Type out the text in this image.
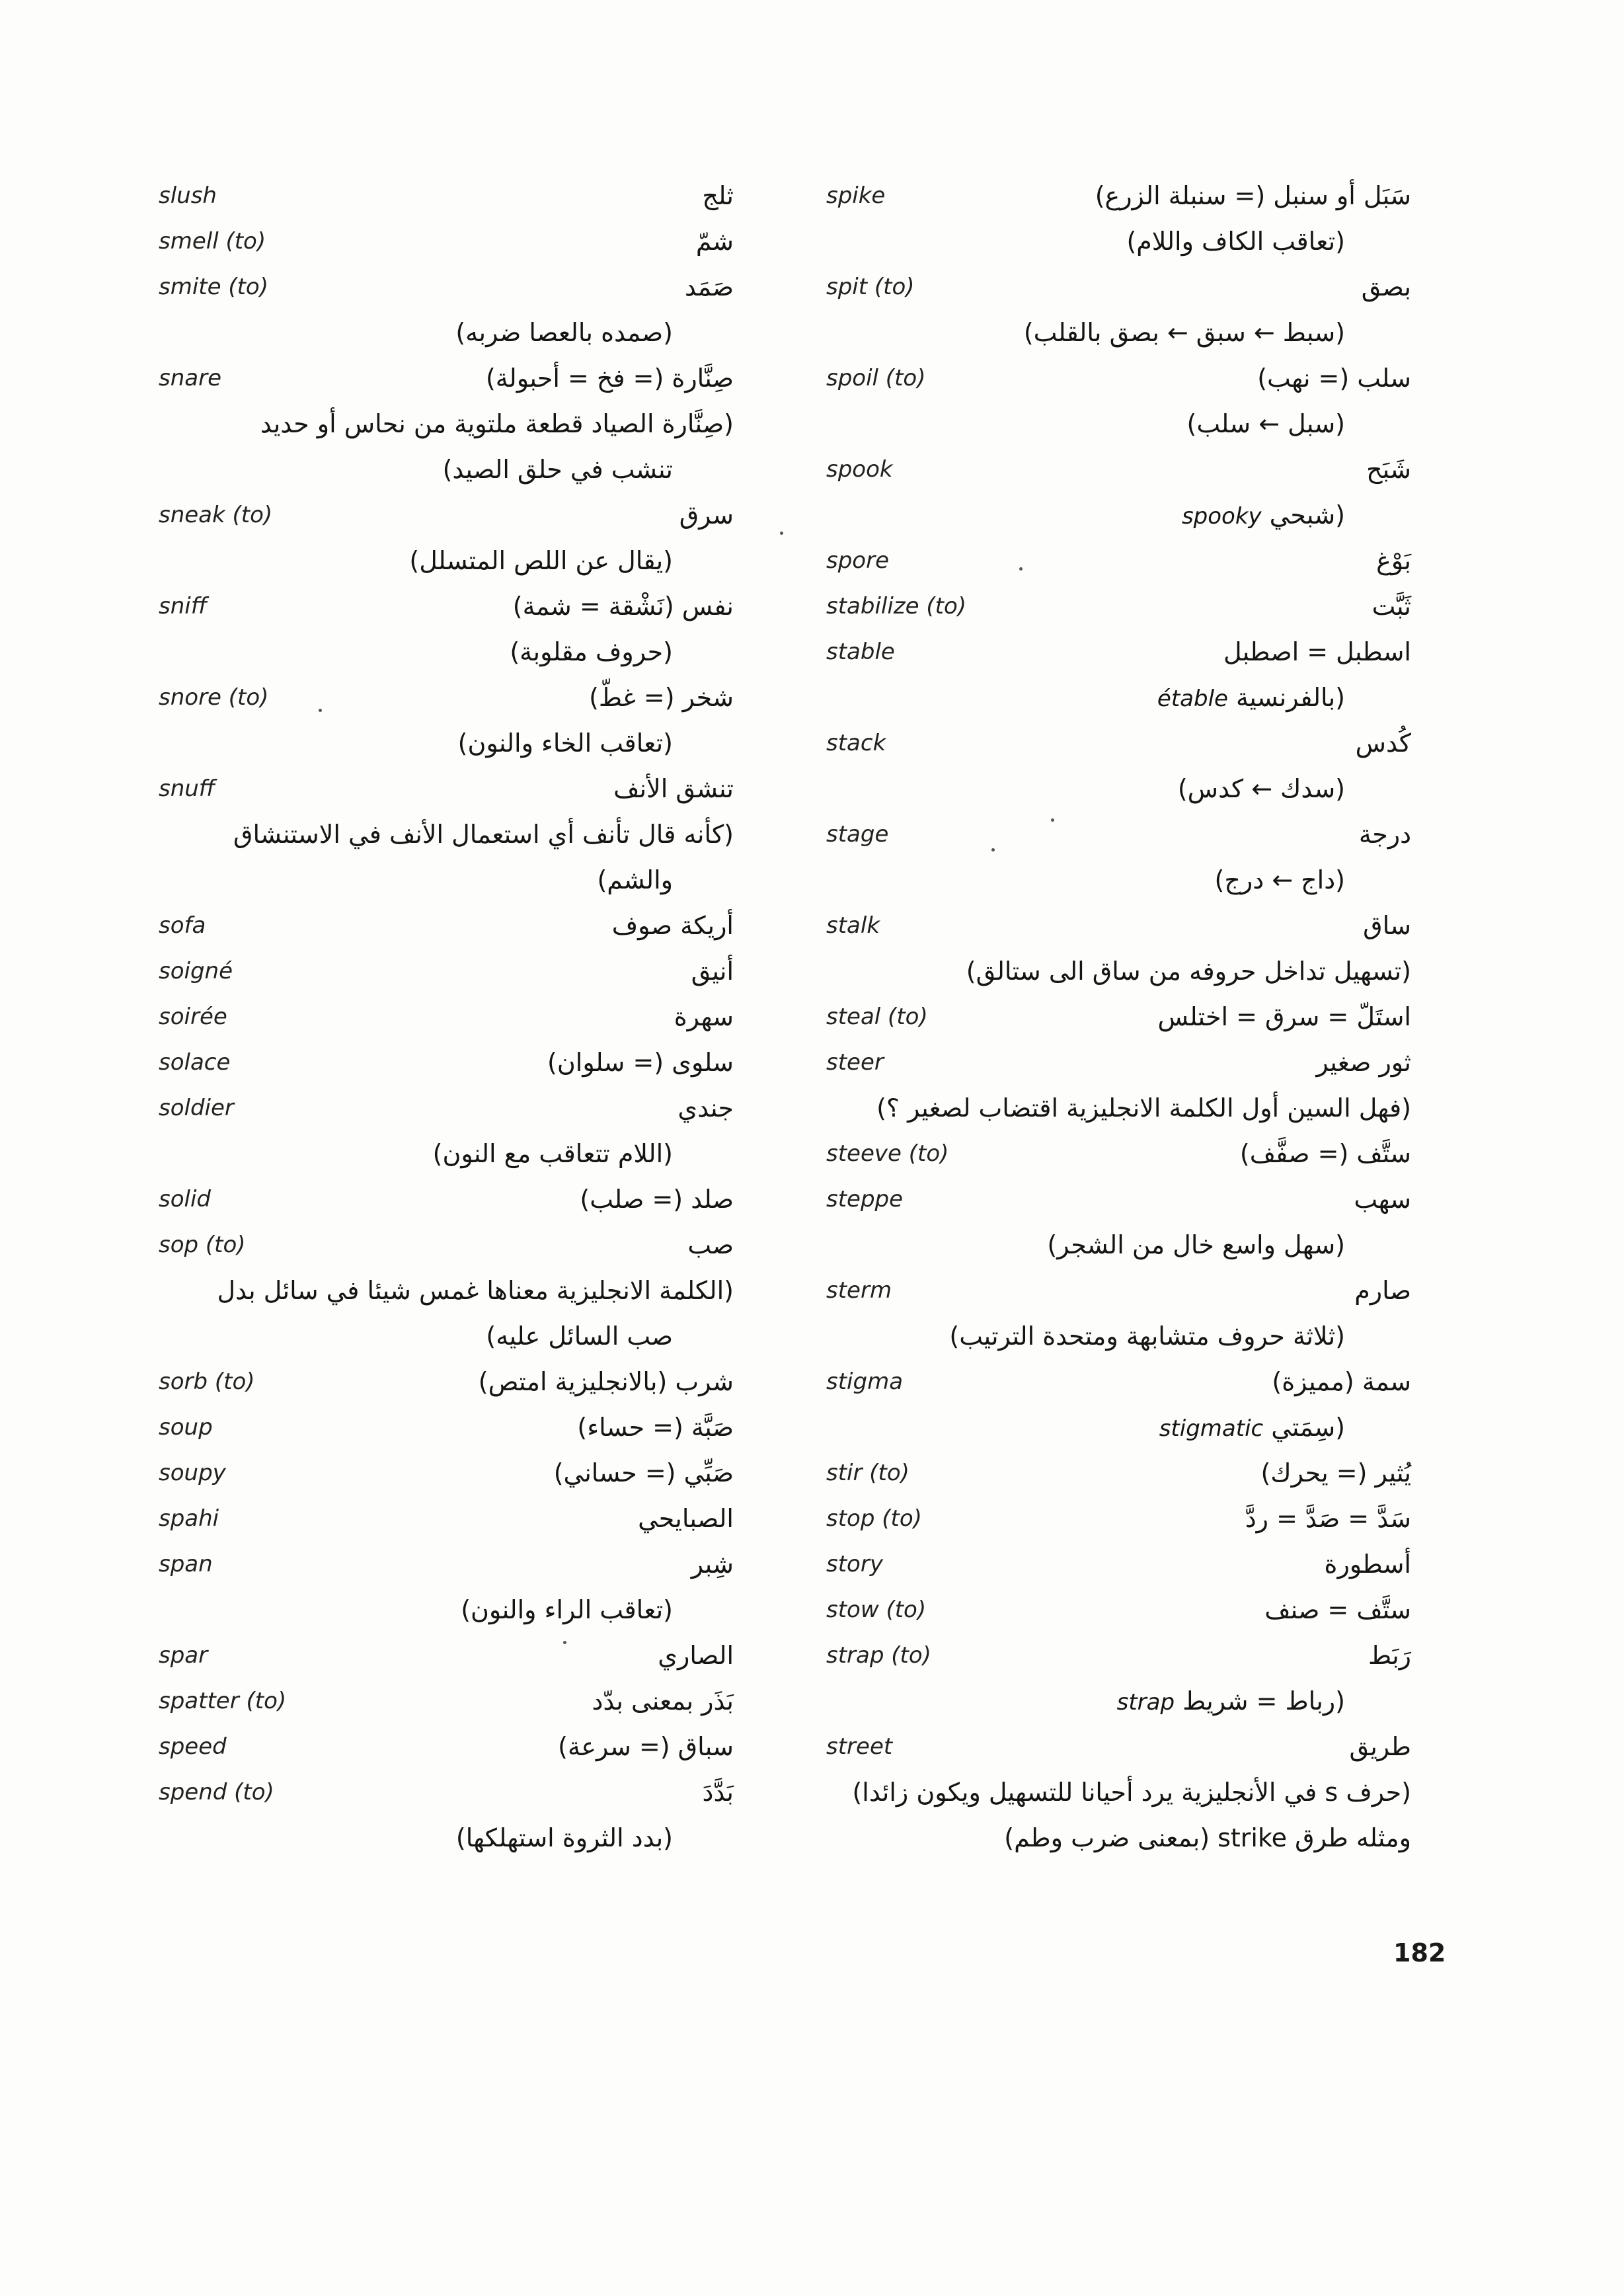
slush	ثلج
smell (to)	شمّ
smite (to)	صَمَد
(صمده بالعصا ضربه)
snare	صِنَّارة (= فخ = أحبولة)
(صِنَّارة الصياد قطعة ملتوية من نحاس أو حديد
تنشب في حلق الصيد)
sneak (to)	سرق
(يقال عن اللص المتسلل)
sniff	نفس (نَشْقة = شمة)
(حروف مقلوبة)
snore (to)	شخر (= غطّ)
(تعاقب الخاء والنون)
snuff	تنشق الأنف
(كأنه قال تأنف أي استعمال الأنف في الاستنشاق
والشم)
sofa	أريكة صوف
soigné	أنيق
soirée	سهرة
solace	سلوى (= سلوان)
soldier	جندي
(اللام تتعاقب مع النون)
solid	صلد (= صلب)
sop (to)	صب
(الكلمة الانجليزية معناها غمس شيئا في سائل بدل
صب السائل عليه)
sorb (to)	شرب (بالانجليزية امتص)
soup	صَبَّة (= حساء)
soupy	صَبِّي (= حساني)
spahi	الصبايحي
span	شِبر
(تعاقب الراء والنون)
spar	الصاري
spatter (to)	بَذَر بمعنى بدّد
speed	سباق (= سرعة)
spend (to)	بَدَّدَ
(بدد الثروة استهلكها)
spike	سَبَل أو سنبل (= سنبلة الزرع)
(تعاقب الكاف واللام)
spit (to)	بصق
(سبط ← سبق ← بصق بالقلب)
spoil (to)	سلب (= نهب)
(سبل ← سلب)
spook	شَبَح
(شبحيspooky
spore	بَوْغ
stabilize (to)	ثَبَّت
stable	اسطبل = اصطبل
(بالفرنسيةétable
stack	كُدس
(سدك ← كدس)
stage	درجة
(داج ← درج)
stalk	ساق
(تسهيل تداخل حروفه من ساق الى ستالق)
steal (to)	استَلّ = سرق = اختلس
steer	ثور صغير
(فهل السين أول الكلمة الانجليزية اقتضاب لصغير ؟)
steeve (to)	ستَّف (= صفَّف)
steppe	سهب
(سهل واسع خال من الشجر)
sterm	صارم
(ثلاثة حروف متشابهة ومتحدة الترتيب)
stigma	سمة (مميزة)
(سِمَتيstigmatic
stir (to)	يُثير (= يحرك)
stop (to)	سَدَّ = صَدَّ = ردَّ
story	أسطورة
stow (to)	ستَّف = صنف
strap (to)	رَبَط
(رباط = شريطstrap
street	طريق
(حرف s في الأنجليزية يرد أحيانا للتسهيل ويكون زائدا)
ومثله طرق strike (بمعنى ضرب وطم)
182
